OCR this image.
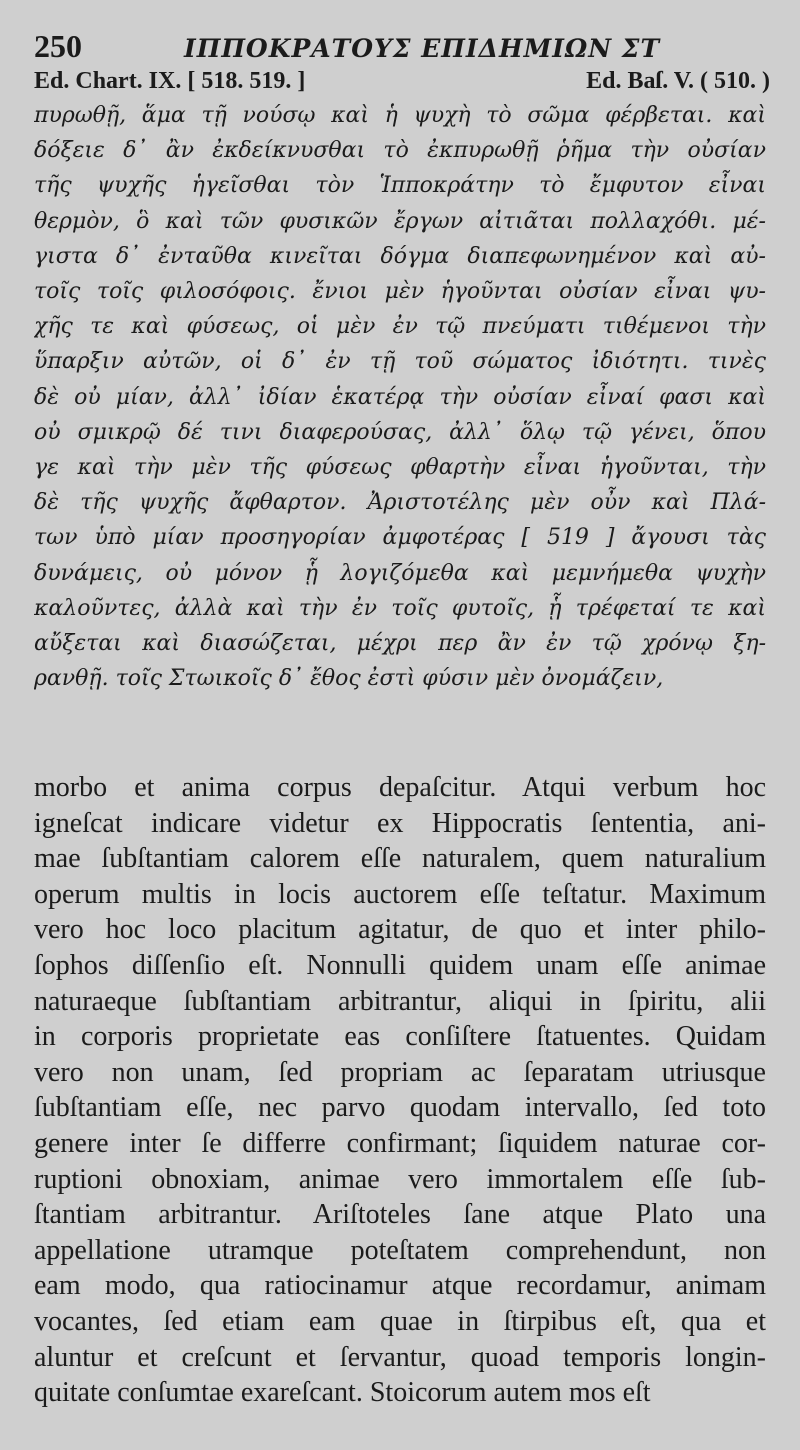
250	ΙΠΠΟΚΡΑΤΟΥΣ ΕΠΙΔΗΜΙΩΝ ΣΤ
Ed. Chart. IX. [ 518. 519. ]	Ed. Baſ. V. ( 510. )
πυρωθῇ, ἅμα τῇ νούσῳ καὶ ἡ ψυχὴ τὸ σῶμα φέρβεται. καὶ
δόξειε δ᾽ ἂν ἐκδείκνυσθαι τὸ ἐκπυρωθῇ ῥῆμα τὴν οὐσίαν
τῆς ψυχῆς ἡγεῖσθαι τὸν Ἱπποκράτην τὸ ἔμφυτον εἶναι
θερμὸν, ὃ καὶ τῶν φυσικῶν ἔργων αἰτιᾶται πολλαχόθι. μέ-
γιστα δ᾽ ἐνταῦθα κινεῖται δόγμα διαπεφωνημένον καὶ αὐ-
τοῖς τοῖς φιλοσόφοις. ἔνιοι μὲν ἡγοῦνται οὐσίαν εἶναι ψυ-
χῆς τε καὶ φύσεως, οἱ μὲν ἐν τῷ πνεύματι τιθέμενοι τὴν
ὕπαρξιν αὐτῶν, οἱ δ᾽ ἐν τῇ τοῦ σώματος ἰδιότητι. τινὲς
δὲ οὐ μίαν, ἀλλ᾽ ἰδίαν ἑκατέρᾳ τὴν οὐσίαν εἶναί φασι καὶ
οὐ σμικρῷ δέ τινι διαφερούσας, ἀλλ᾽ ὅλῳ τῷ γένει, ὅπου
γε καὶ τὴν μὲν τῆς φύσεως φθαρτὴν εἶναι ἡγοῦνται, τὴν
δὲ τῆς ψυχῆς ἄφθαρτον. Ἀριστοτέλης μὲν οὖν καὶ Πλά-
των ὑπὸ μίαν προσηγορίαν ἀμφοτέρας [ 519 ] ἄγουσι τὰς
δυνάμεις, οὐ μόνον ᾗ λογιζόμεθα καὶ μεμνήμεθα ψυχὴν
καλοῦντες, ἀλλὰ καὶ τὴν ἐν τοῖς φυτοῖς, ᾗ τρέφεταί τε καὶ
αὔξεται καὶ διασώζεται, μέχρι περ ἂν ἐν τῷ χρόνῳ ξη-
ρανθῇ. τοῖς Στωικοῖς δ᾽ ἔθος ἐστὶ φύσιν μὲν ὀνομάζειν,
morbo et anima corpus depaſcitur. Atqui verbum hoc
igneſcat indicare videtur ex Hippocratis ſententia, ani-
mae ſubſtantiam calorem eſſe naturalem, quem naturalium
operum multis in locis auctorem eſſe teſtatur. Maximum
vero hoc loco placitum agitatur, de quo et inter philo-
ſophos diſſenſio eſt. Nonnulli quidem unam eſſe animae
naturaeque ſubſtantiam arbitrantur, aliqui in ſpiritu, alii
in corporis proprietate eas conſiſtere ſtatuentes. Quidam
vero non unam, ſed propriam ac ſeparatam utriusque
ſubſtantiam eſſe, nec parvo quodam intervallo, ſed toto
genere inter ſe differre confirmant; ſiquidem naturae cor-
ruptioni obnoxiam, animae vero immortalem eſſe ſub-
ſtantiam arbitrantur. Ariſtoteles ſane atque Plato una
appellatione utramque poteſtatem comprehendunt, non
eam modo, qua ratiocinamur atque recordamur, animam
vocantes, ſed etiam eam quae in ſtirpibus eſt, qua et
aluntur et creſcunt et ſervantur, quoad temporis longin-
quitate conſumtae exareſcant. Stoicorum autem mos eſt
